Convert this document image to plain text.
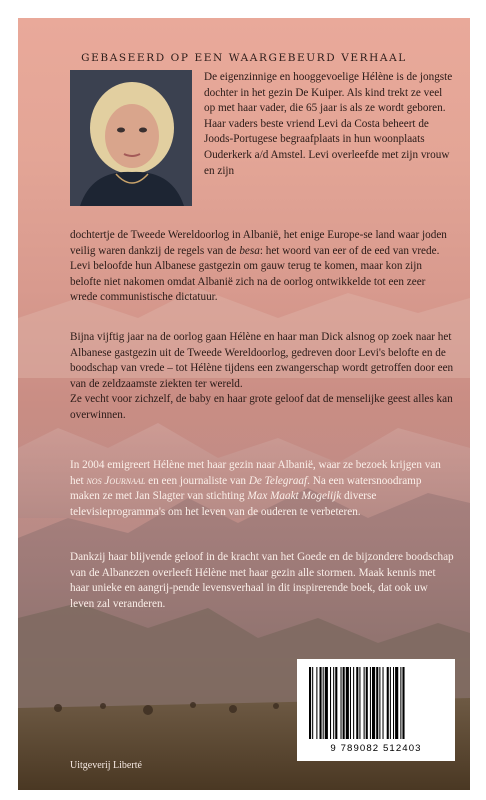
GEBASEERD OP EEN WAARGEBEURD VERHAAL
De eigenzinnige en hooggevoelige Hélène is de jongste dochter in het gezin De Kuiper. Als kind trekt ze veel op met haar vader, die 65 jaar is als ze wordt geboren. Haar vaders beste vriend Levi da Costa beheert de Joods-Portugese begraafplaats in hun woonplaats Ouderkerk a/d Amstel. Levi overleefde met zijn vrouw en zijn
dochtertje de Tweede Wereldoorlog in Albanië, het enige Europe-se land waar joden veilig waren dankzij de regels van de besa: het woord van eer of de eed van vrede. Levi beloofde hun Albanese gastgezin om gauw terug te komen, maar kon zijn belofte niet nakomen omdat Albanië zich na de oorlog ontwikkelde tot een zeer wrede communistische dictatuur.
Bijna vijftig jaar na de oorlog gaan Hélène en haar man Dick alsnog op zoek naar het Albanese gastgezin uit de Tweede Wereldoorlog, gedreven door Levi's belofte en de boodschap van vrede – tot Hélène tijdens een zwangerschap wordt getroffen door een van de zeldzaamste ziekten ter wereld.
Ze vecht voor zichzelf, de baby en haar grote geloof dat de menselijke geest alles kan overwinnen.
In 2004 emigreert Hélène met haar gezin naar Albanië, waar ze bezoek krijgen van het nos Journaal en een journaliste van De Telegraaf. Na een watersnoodramp maken ze met Jan Slagter van stichting Max Maakt Mogelijk diverse televisieprogramma's om het leven van de ouderen te verbeteren.
Dankzij haar blijvende geloof in de kracht van het Goede en de bijzondere boodschap van de Albanezen overleeft Hélène met haar gezin alle stormen. Maak kennis met haar unieke en aangrij-pende levensverhaal in dit inspirerende boek, dat ook uw leven zal veranderen.
Uitgeverij Liberté
9 789082 512403
